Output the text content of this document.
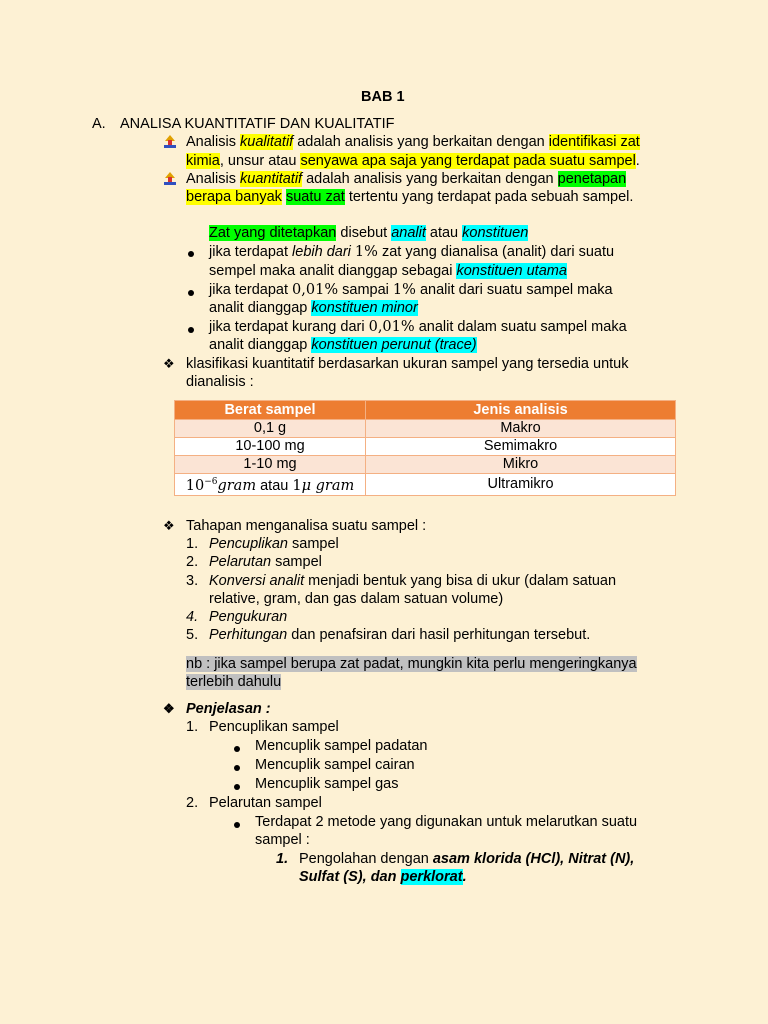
BAB 1
A. ANALISA KUANTITATIF DAN KUALITATIF
Analisis kualitatif adalah analisis yang berkaitan dengan identifikasi zat
kimia, unsur atau senyawa apa saja yang terdapat pada suatu sampel.
Analisis kuantitatif adalah analisis yang berkaitan dengan penetapan
berapa banyak suatu zat tertentu yang terdapat pada sebuah sampel.
Zat yang ditetapkan disebut analit atau konstituen
jika terdapat lebih dari 1% zat yang dianalisa (analit) dari suatu
sempel maka analit dianggap sebagai konstituen utama
jika terdapat 0,01% sampai 1% analit dari suatu sampel maka
analit dianggap konstituen minor
jika terdapat kurang dari 0,01% analit dalam suatu sampel maka
analit dianggap konstituen perunut (trace)
❖ klasifikasi kuantitatif berdasarkan ukuran sampel yang tersedia untuk
dianalisis :
Berat sampel	Jenis analisis
0,1 g	Makro
10-100 mg	Semimakro
1-10 mg	Mikro
$10^{-6}gram$ atau 1μ gram	Ultramikro
❖ Tahapan menganalisa suatu sampel :
1. Pencuplikan sampel
2. Pelarutan sampel
3. Konversi analit menjadi bentuk yang bisa di ukur (dalam satuan
relative, gram, dan gas dalam satuan volume)
4. Pengukuran
5. Perhitungan dan penafsiran dari hasil perhitungan tersebut.
nb : jika sampel berupa zat padat, mungkin kita perlu mengeringkanya
terlebih dahulu
❖ Penjelasan :
1. Pencuplikan sampel
Mencuplik sampel padatan
Mencuplik sampel cairan
Mencuplik sampel gas
2. Pelarutan sampel
Terdapat 2 metode yang digunakan untuk melarutkan suatu
sampel :
1. Pengolahan dengan asam klorida (HCl), Nitrat (N),
Sulfat (S), dan perklorat.
